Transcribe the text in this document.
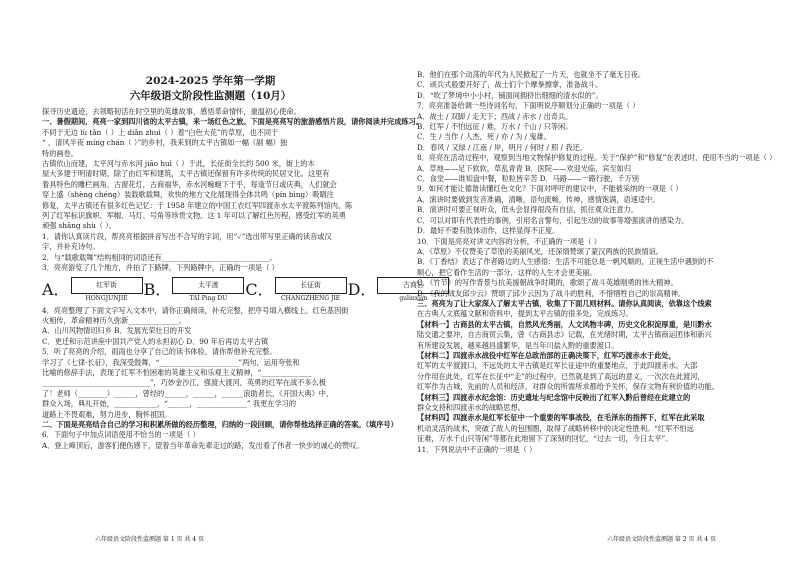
2024-2025 学年第一学期
六年级语文阶段性监测题（10月）
探寻历史遗迹，去领略韧活在时空里的英雄故事，感悟革命情怀，重温初心使命。
一、暑假期间，亮亮一家到四川省的太平古镇，来一场红色之旅。下面是亮亮写的旅游感悟片段，请你阅读并完成练习。
不同于无边 lù tǎn（ ）上 diǎn zhuì（ ）着“白色大花”的草原，也不同于
“ ，清风半夜 míng chán（ ）”的乡村，我来到的太平古镇如一幅（副 幅）独
特的画卷。
古镇依山而建，太平河与赤水河 jiāo huì（ ）于此，长征街全长约 500 米，街上的木
屋大多建于明清时期，除了由红军和建筑，太平古镇还保留有许多传统的民居文化。这里有
着具特色的雕栏画角、古窗花灯，古商福华，赤水河蜿蜒下于乎，每逢节日或庆典，人们就会
穿上盛（shèng chéng）装载歌载舞，欢快的地方文化展现得全体共鸣（pín bìng）吸睛注
修复，太平古镇还有很多红色记忆：于 1958 年建立的中国工农红军四渡赤水太平渡陈列馆内，陈
列了红军标识旗帜、军帽、马灯、号角等珍贵文物。这 1 年可以了解红色历程，感受红军的英勇
顽强 shāng shù（ ）。
1．请你认真读片段，帮亮亮根据拼音写出不合写的字词，用“✓”选出带写里正确的读音或汉
字，并补充诗句。
2．与“载歌载舞”结构相同的词语还有______________________________。
3．亮亮游览了几个地方，并拍了下路牌，下列路牌中，正确的一项是（ ）
A．	红军街
HONGJUNJIE B．	太平渡
TAI Ping DU C．	长征街
CHANGZHENG JIE D．	古商县
gulinxian
4．亮亮整理了下面文字写入文本中，请你正确阅读，补充完整，把序号填入横线上。红色基因街
火相传，革命精神历久弥新______________。
A．山川风物情切归乡 B．发展光荣壮日的开发
C．更迁和示范讲座中国共产党人的永担初心 D．90 年后再访太平古镇
5．听了亮亮的介绍，雨雨也分享了自己的读书体验，请你帮他补充完整。
学习了《七律·长征》，我深受鼓舞，“______________________”两句，运用夸张和
比喻的修辞手法，表现了红军不怕困难的英雄主义和乐观主义精神，“______________
______________________________”，巧妙金沙江，强渡大渡河，英勇的红军在战不多么极
了！老师（________）______，曾经的______，______，______浪助者长，《开国大典》中，
群众入场，典礼开始，____________，“______，______________” 我更在学习的
道路上不畏艰难，努力进步，胸怀祖国。
二、下面是亮亮结合自己的学习和积累所做的经历整理，归纳的一段回顾，请你帮他选择正确的答案。（填序号）
6．下面句子中加点词语使用不恰当的一项是（ ）
A．登上峰顶后，游客们便伤感下，望着当年革命先辈走过的路，发出看了伟者一快步的诚心的赞叹。
六年级语文阶段性监测题 第 1 页 共 4 页
B．他们在那个动荡的年代为人民掀起了一片天，也就坐不了毫无日夜。
C．顽兵式般要开好了，战士们个个摩拳擦掌，准备战斗。
D．“吹了梦境中小小村，铺面间拥挤出细细的清水似的”。
7．亮亮准备给调一些诗词名句，下面明说序顺划分正确的一项是（ ）
A．战士 / 双脚 / 走天下；西战 / 赤水 / 出奇兵。
B．红军 / 不怕远征 / 难，万水 / 千山 / 只等闲。
C．生 / 当作 / 人杰，死 / 亦 / 为 / 鬼雄。
D．春风 / 又绿 / 江南 / 岸，明月 / 何时 / 照 / 我还。
8．亮亮在活动过程中，观察到当地文物保护修复的过程。关于“保护”和“修复”在表述时，使用不当的一项是（ ）
A．草地——足下软软，草乱青青 B．医院——欢迎光临，宾至如归
C．食堂——谁知盘中餐，粒粒皆辛苦 D．马路——一路行驶，千万别
9．如何才能让德谐读懂红色文化？下面对呼吁的建议中，不能被采纳的一项是（ ）
A．演讲时要做到发音准确，清晰，语句流畅，传神，感情饱满，语速适中。
B．演讲时可要正视听众，低头会显得很没有自信，抓住观众注意力。
C．可以对即有代表性的事例，引用名言警句，引起生动的故事等增强演讲的感染力。
D．最好不要有肢体动作，这样显得不正度。
10．下面是亮亮对讲文内容的分析，不正确的一项是（ ）
A．《草原》不仅赞美了草原的美丽风光，还深情赞颂了蒙汉两族的民族情谊。
B．《丁香结》表达了作者路边的人生感悟：生活不可能总是一帆风顺的，正视生活中遇到的不
顺心，把它看作生活的一部分，这样的人生才会更美丽。
C．《竹节》的写作背景与抗美援朝战争时期的，歌颂了战斗英雄刚勇的伟大精神。
D．《我的战友邱少云》赞颂了邱少云因为了战斗的胜利，不惜牺牲自己的崇高精神。
三、亮亮为了让大家深入了解太平古镇，收集了下面几则材料。请你认真阅读，依靠这个线索
在古典人文底蕴文献和资料中，提到太平古镇的很多处，完成练习。
【材料一】古商县的太平古镇，自然风光秀丽，人文风物丰碑，历史文化积淀厚重，是川黔水
陆交通之要冲，自古商贸云集，曾《古商县志》记载，在光绪时期，太平古镇商运团体和新兴
有所建设发展，越来越昌盛繁华，是当年川盐入黔的重要渡口。
【材料二】四渡赤水战役中红军在总政治部的正确决策下，红军巧渡赤水于此处，
红军的太平渡渡口，不远处的太平古镇是红军长征途中的重要地点，于此四渡赤水。大部
分作用在此处，红军在长征中“走”的过程中，已然就是到了高远的意义，一次次在此渡河，
红军作为古城，先前的人员和经济，对群众的所需所求都给予关怀，保存文物有利价值的功能。
【材料三】四渡赤水纪念馆：历史遗址与纪念馆中反映出了红军入黔后曾经在此建立的
群众支持和四渡赤水的战略思想。
【材料四】四渡赤水是红军长征中一个重要的军事战役，在毛泽东的指挥下，红军在此采取
机动灵活的战术，突破了敌人的包围圈，取得了战略转移中的决定性胜利。“红军不怕远
征难，万水千山只等闲”等都在此地留下了深刻的回忆，“过去一切，今日太平”。
11．下列说法中不正确的一项是（ ）
六年级语文阶段性监测题 第 2 页 共 4 页
